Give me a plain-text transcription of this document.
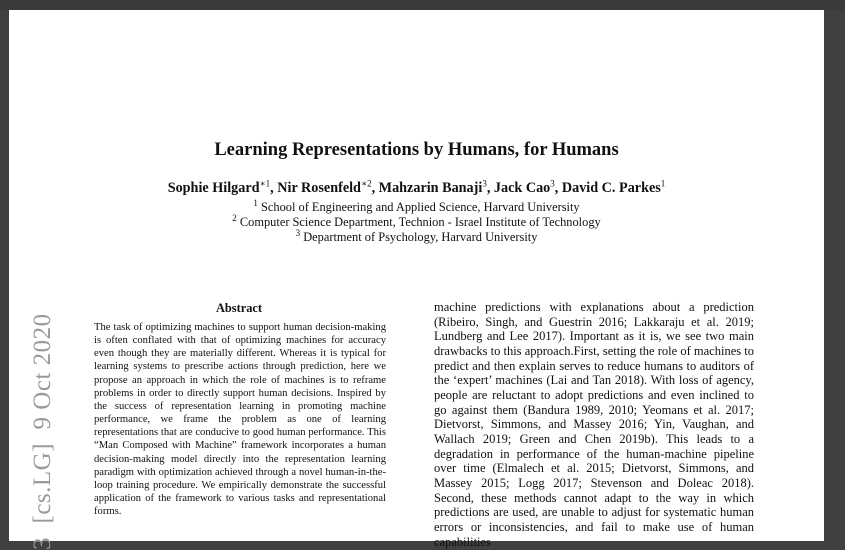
Learning Representations by Humans, for Humans
Sophie Hilgard$^{∗1}$, Nir Rosenfeld$^{∗2}$, Mahzarin Banaji$^3$, Jack Cao$^3$, David C. Parkes$^1$
$^1$ School of Engineering and Applied Science, Harvard University
$^2$ Computer Science Department, Technion - Israel Institute of Technology
$^3$ Department of Psychology, Harvard University
3  [cs.LG]  9 Oct 2020
Abstract
The task of optimizing machines to support human decision-making is often conflated with that of optimizing machines for accuracy even though they are materially different. Whereas it is typical for learning systems to prescribe actions through prediction, here we propose an approach in which the role of machines is to reframe problems in order to directly support human decisions. Inspired by the success of representation learning in promoting machine performance, we frame the problem as one of learning representations that are conducive to good human performance. This “Man Composed with Machine” framework incorporates a human decision-making model directly into the representation learning paradigm with optimization achieved through a novel human-in-the-loop training procedure. We empirically demonstrate the successful application of the framework to various tasks and representational forms.
machine predictions with explanations about a prediction (Ribeiro, Singh, and Guestrin 2016; Lakkaraju et al. 2019; Lundberg and Lee 2017). Important as it is, we see two main drawbacks to this approach.First, setting the role of machines to predict and then explain serves to reduce humans to auditors of the ‘expert’ machines (Lai and Tan 2018). With loss of agency, people are reluctant to adopt predictions and even inclined to go against them (Bandura 1989, 2010; Yeomans et al. 2017; Dietvorst, Simmons, and Massey 2016; Yin, Vaughan, and Wallach 2019; Green and Chen 2019b). This leads to a degradation in performance of the human-machine pipeline over time (Elmalech et al. 2015; Dietvorst, Simmons, and Massey 2015; Logg 2017; Stevenson and Doleac 2018). Second, these methods cannot adapt to the way in which predictions are used, are unable to adjust for systematic human errors or inconsistencies, and fail to make use of human capabilities
